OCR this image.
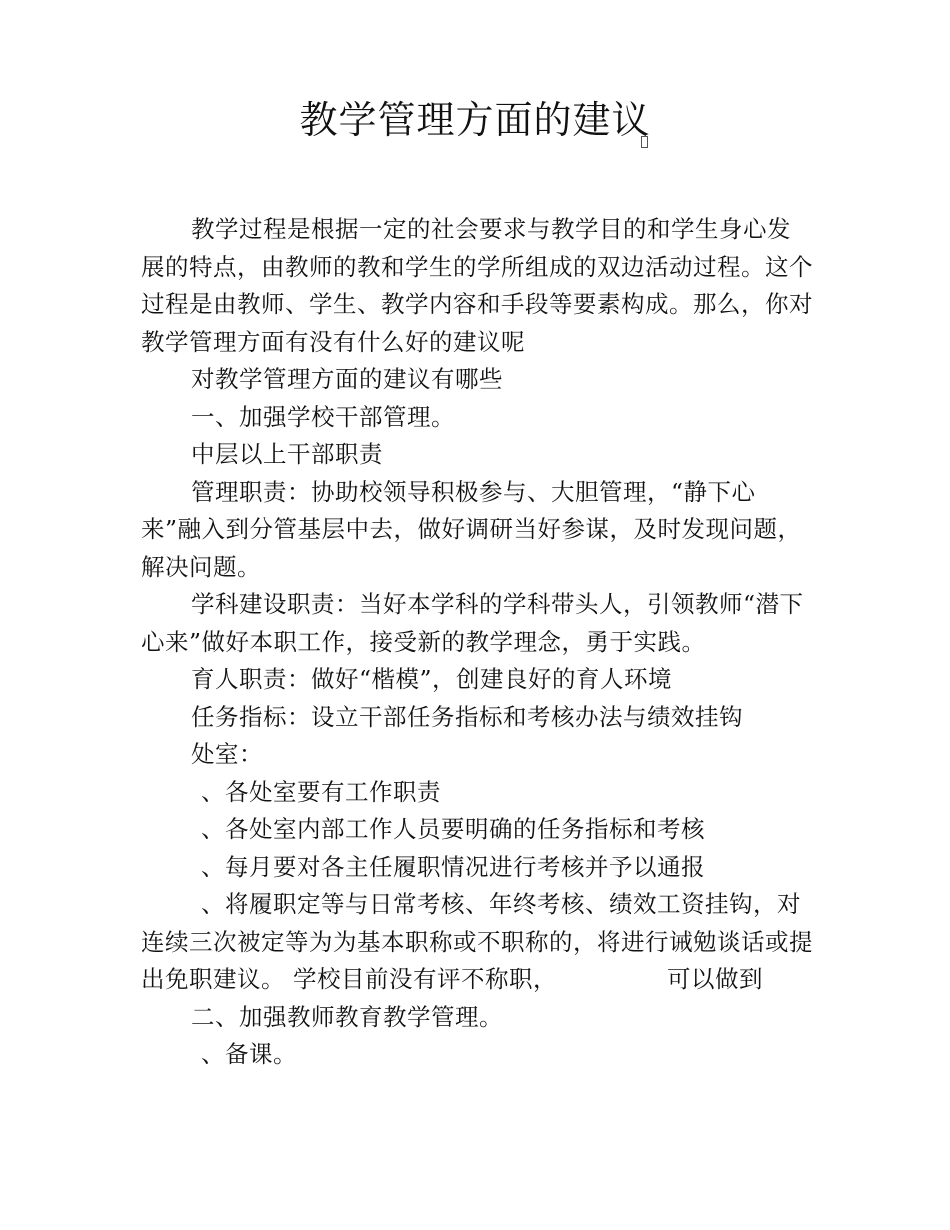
教学管理方面的建议

教学过程是根据一定的社会要求与教学目的和学生身心发展的特点，由教师的教和学生的学所组成的双边活动过程。这个过程是由教师、学生、教学内容和手段等要素构成。那么，你对教学管理方面有没有什么好的建议呢

对教学管理方面的建议有哪些

一、加强学校干部管理。

中层以上干部职责

管理职责：协助校领导积极参与、大胆管理，“静下心来”融入到分管基层中去，做好调研当好参谋，及时发现问题，解决问题。

学科建设职责：当好本学科的学科带头人，引领教师“潜下心来”做好本职工作，接受新的教学理念，勇于实践。

育人职责：做好“楷模”，创建良好的育人环境

任务指标：设立干部任务指标和考核办法与绩效挂钩

处室：

、各处室要有工作职责

、各处室内部工作人员要明确的任务指标和考核

、每月要对各主任履职情况进行考核并予以通报

、将履职定等与日常考核、年终考核、绩效工资挂钩，对连续三次被定等为为基本职称或不职称的，将进行诫勉谈话或提出免职建议。 学校目前没有评不称职，	可以做到

二、加强教师教育教学管理。

、备课。
